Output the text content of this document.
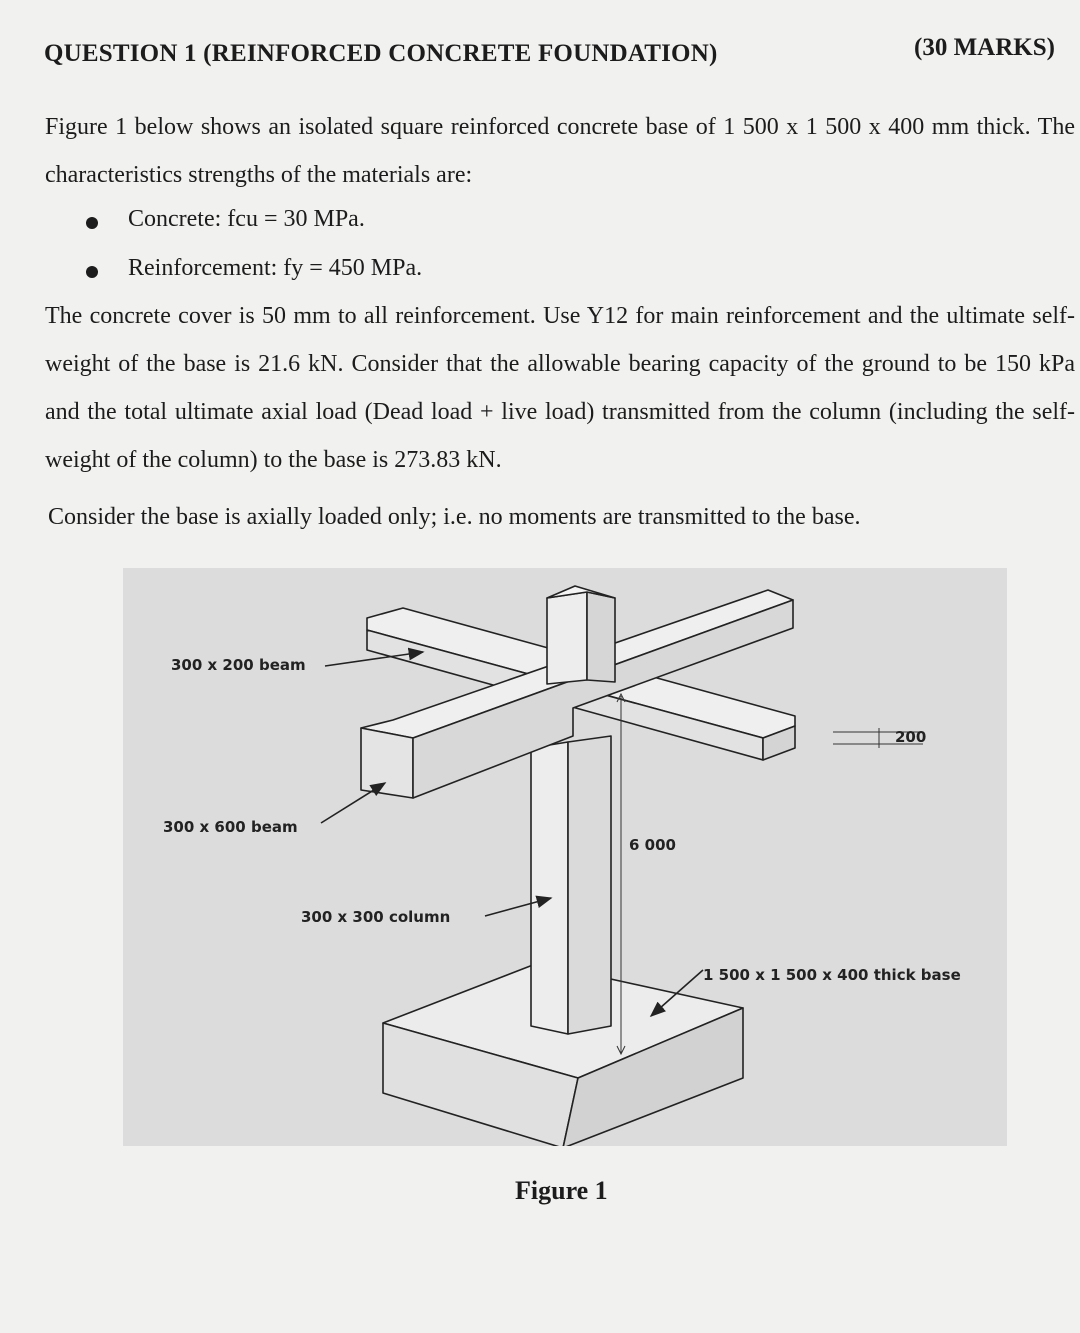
QUESTION 1 (REINFORCED CONCRETE FOUNDATION)	(30 MARKS)
Figure 1 below shows an isolated square reinforced concrete base of 1 500 x 1 500 x 400 mm thick. The characteristics strengths of the materials are:
Concrete: fcu = 30 MPa.
Reinforcement: fy = 450 MPa.
The concrete cover is 50 mm to all reinforcement. Use Y12 for main reinforcement and the ultimate self-weight of the base is 21.6 kN. Consider that the allowable bearing capacity of the ground to be 150 kPa and the total ultimate axial load (Dead load + live load) transmitted from the column (including the self-weight of the column) to the base is 273.83 kN.
Consider the base is axially loaded only; i.e. no moments are transmitted to the base.
300 x 200 beam
300 x 600 beam
300 x 300 column
1 500 x 1 500 x 400 thick base
6 000
200
Figure 1
